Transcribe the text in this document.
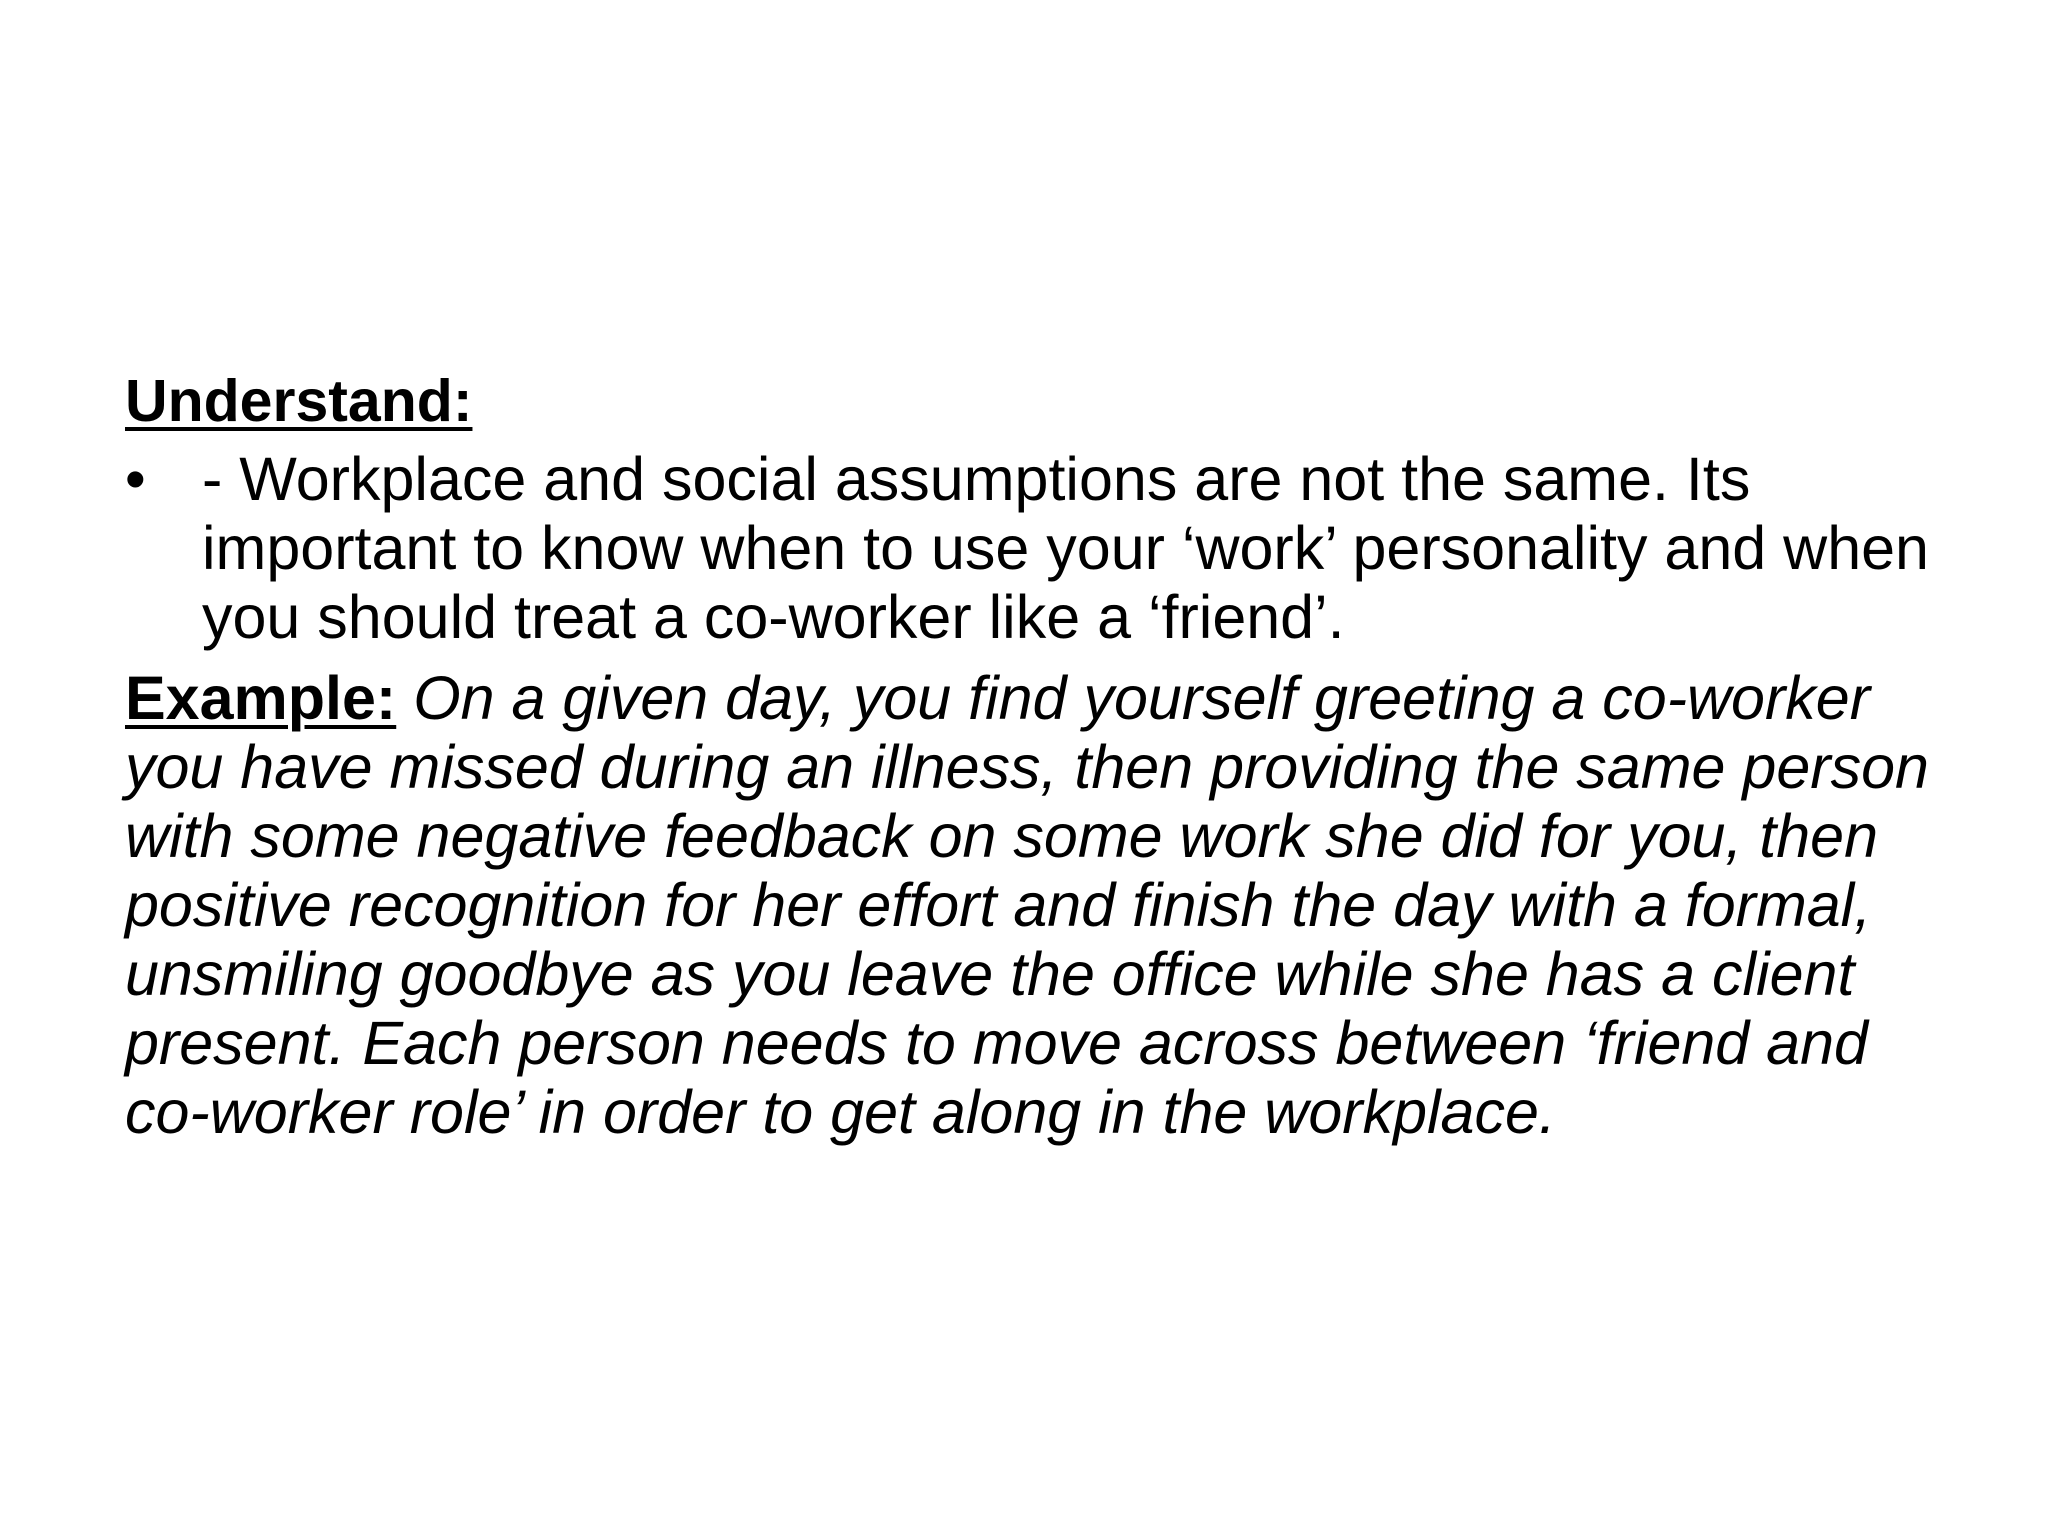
Understand:
• - Workplace and social assumptions are not the same. Its important to know when to use your ‘work’ personality and when you should treat a co-worker like a ‘friend’.

Example: On a given day, you find yourself greeting a co-worker you have missed during an illness, then providing the same person with some negative feedback on some work she did for you, then positive recognition for her effort and finish the day with a formal, unsmiling goodbye as you leave the office while she has a client present. Each person needs to move across between ‘friend and co-worker role’ in order to get along in the workplace.
